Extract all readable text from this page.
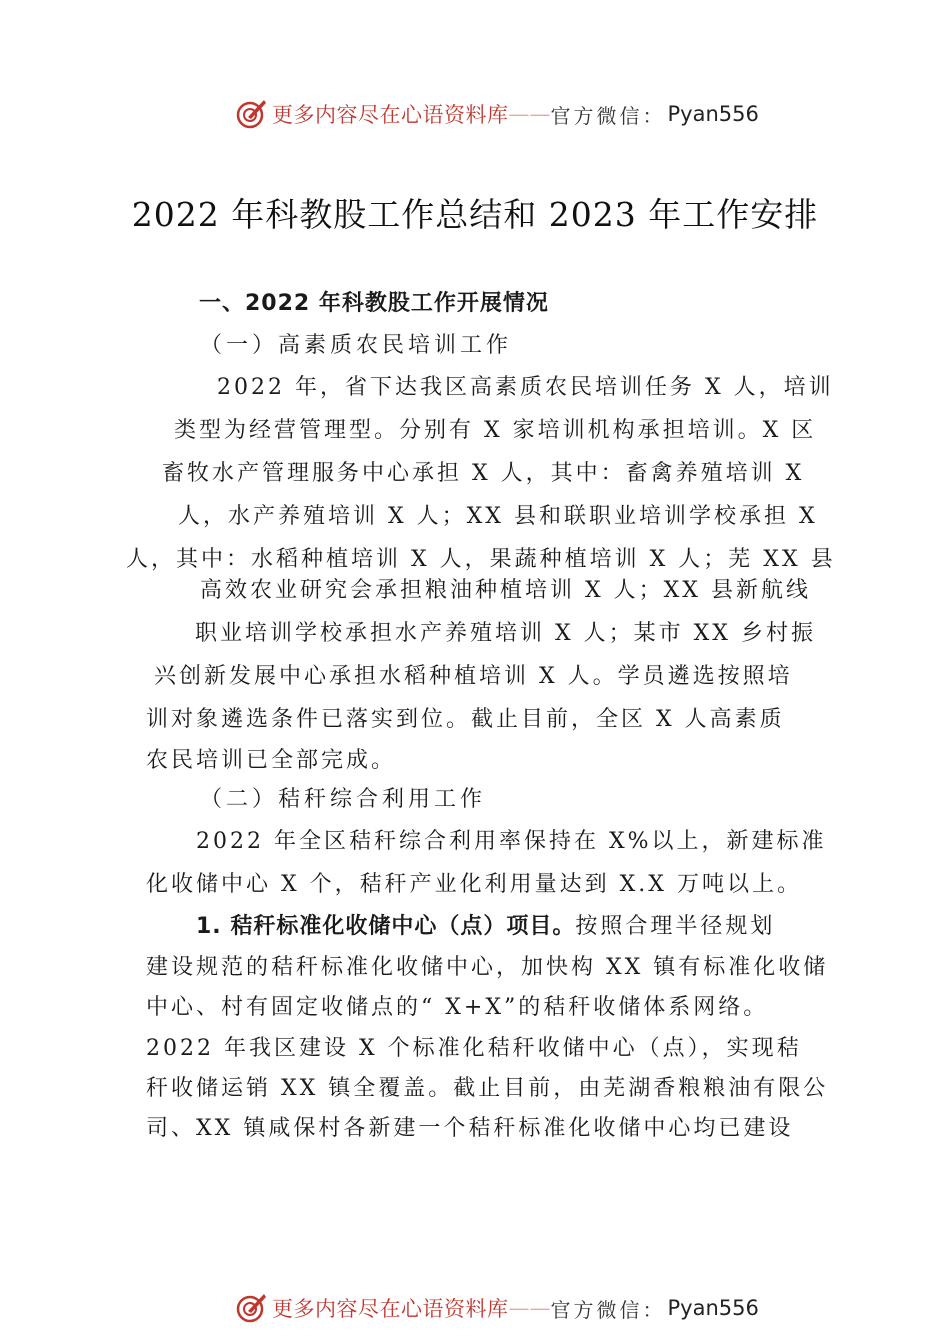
更多内容尽在心语资料库 —— 官方微信： Pyan556
2022 年科教股工作总结和 2023 年工作安排
一、2022 年科教股工作开展情况
（一）高素质农民培训工作
2022 年，省下达我区高素质农民培训任务 X 人，培训
类型为经营管理型。分别有 X 家培训机构承担培训。X 区
畜牧水产管理服务中心承担 X 人，其中：畜禽养殖培训 X
人，水产养殖培训 X 人；XX 县和联职业培训学校承担 X
人，其中：水稻种植培训 X 人，果蔬种植培训 X 人；芜 XX 县
高效农业研究会承担粮油种植培训 X 人；XX 县新航线
职业培训学校承担水产养殖培训 X 人；某市 XX 乡村振
兴创新发展中心承担水稻种植培训 X 人。学员遴选按照培
训对象遴选条件已落实到位。截止目前，全区 X 人高素质
农民培训已全部完成。
（二）秸秆综合利用工作
2022 年全区秸秆综合利用率保持在 X%以上，新建标准
化收储中心 X 个，秸秆产业化利用量达到 X.X 万吨以上。
1. 秸秆标准化收储中心（点）项目。按照合理半径规划
建设规范的秸秆标准化收储中心，加快构 XX 镇有标准化收储
中心、村有固定收储点的“ X+X”的秸秆收储体系网络。
2022 年我区建设 X 个标准化秸秆收储中心（点），实现秸
秆收储运销 XX 镇全覆盖。截止目前，由芜湖香粮粮油有限公
司、XX 镇咸保村各新建一个秸秆标准化收储中心均已建设
更多内容尽在心语资料库 —— 官方微信： Pyan556
